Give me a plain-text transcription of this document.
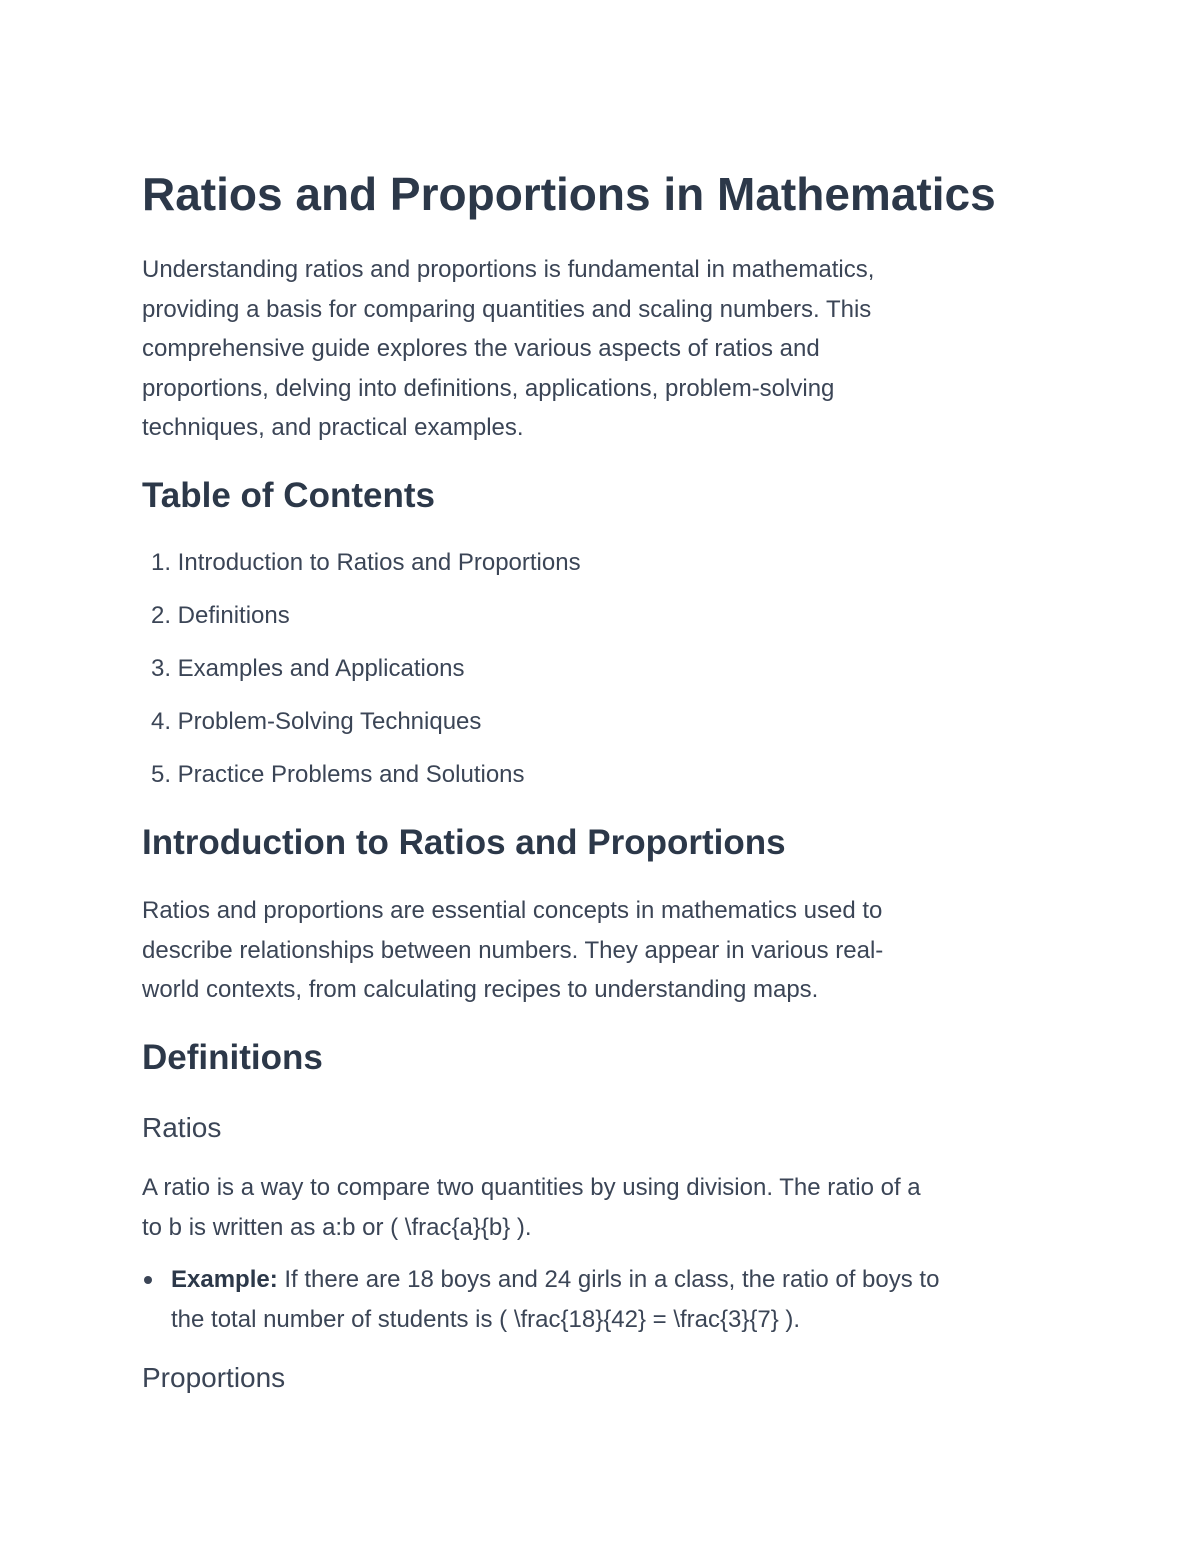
Ratios and Proportions in Mathematics

Understanding ratios and proportions is fundamental in mathematics,
providing a basis for comparing quantities and scaling numbers. This
comprehensive guide explores the various aspects of ratios and
proportions, delving into definitions, applications, problem-solving
techniques, and practical examples.

Table of Contents
1. Introduction to Ratios and Proportions
2. Definitions
3. Examples and Applications
4. Problem-Solving Techniques
5. Practice Problems and Solutions
Introduction to Ratios and Proportions

Ratios and proportions are essential concepts in mathematics used to
describe relationships between numbers. They appear in various real-
world contexts, from calculating recipes to understanding maps.

Definitions
Ratios

A ratio is a way to compare two quantities by using division. The ratio of a
to b is written as a:b or ( \frac{a}{b} ).

Example: If there are 18 boys and 24 girls in a class, the ratio of boys to
the total number of students is ( \frac{18}{42} = \frac{3}{7} ).
Proportions
